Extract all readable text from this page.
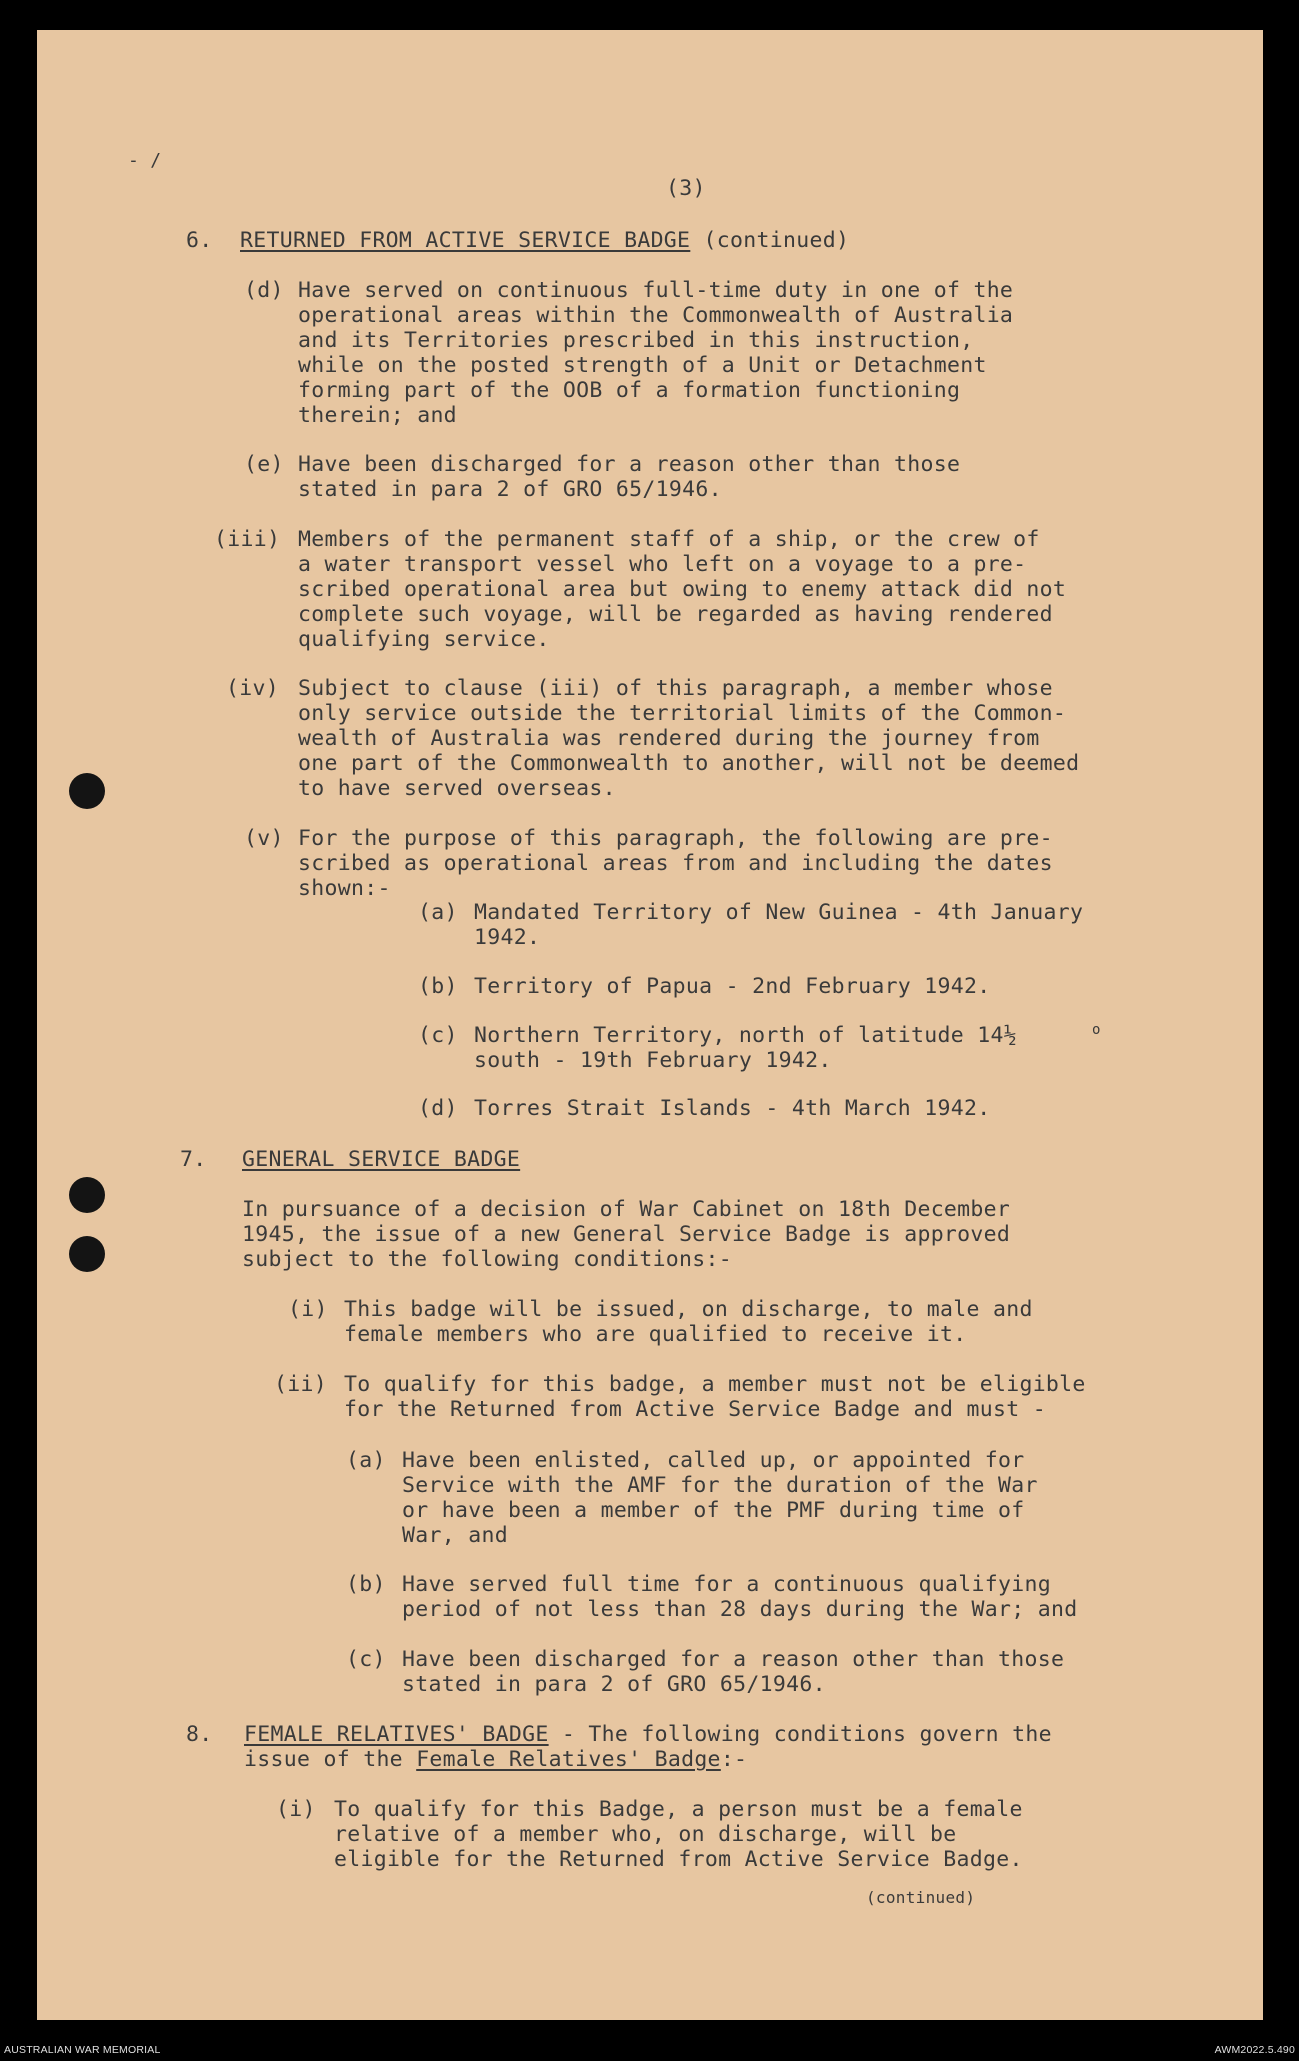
- /
(3)
6. RETURNED FROM ACTIVE SERVICE BADGE (continued)
(d) Have served on continuous full-time duty in one of the
operational areas within the Commonwealth of Australia
and its Territories prescribed in this instruction,
while on the posted strength of a Unit or Detachment
forming part of the OOB of a formation functioning
therein; and
(e) Have been discharged for a reason other than those
stated in para 2 of GRO 65/1946.
(iii) Members of the permanent staff of a ship, or the crew of
a water transport vessel who left on a voyage to a pre-
scribed operational area but owing to enemy attack did not
complete such voyage, will be regarded as having rendered
qualifying service.
(iv) Subject to clause (iii) of this paragraph, a member whose
only service outside the territorial limits of the Common-
wealth of Australia was rendered during the journey from
one part of the Commonwealth to another, will not be deemed
to have served overseas.
(v) For the purpose of this paragraph, the following are pre-
scribed as operational areas from and including the dates
shown:-
(a) Mandated Territory of New Guinea - 4th January
1942.
(b) Territory of Papua - 2nd February 1942.
(c) Northern Territory, north of latitude 14½
south - 19th February 1942.
o
(d) Torres Strait Islands - 4th March 1942.
7. GENERAL SERVICE BADGE
In pursuance of a decision of War Cabinet on 18th December
1945, the issue of a new General Service Badge is approved
subject to the following conditions:-
(i) This badge will be issued, on discharge, to male and
female members who are qualified to receive it.
(ii) To qualify for this badge, a member must not be eligible
for the Returned from Active Service Badge and must -
(a) Have been enlisted, called up, or appointed for
Service with the AMF for the duration of the War
or have been a member of the PMF during time of
War, and
(b) Have served full time for a continuous qualifying
period of not less than 28 days during the War; and
(c) Have been discharged for a reason other than those
stated in para 2 of GRO 65/1946.
8. FEMALE RELATIVES' BADGE - The following conditions govern the
issue of the Female Relatives' Badge:-
(i) To qualify for this Badge, a person must be a female
relative of a member who, on discharge, will be
eligible for the Returned from Active Service Badge.
(continued)
AUSTRALIAN WAR MEMORIAL	AWM2022.5.490
